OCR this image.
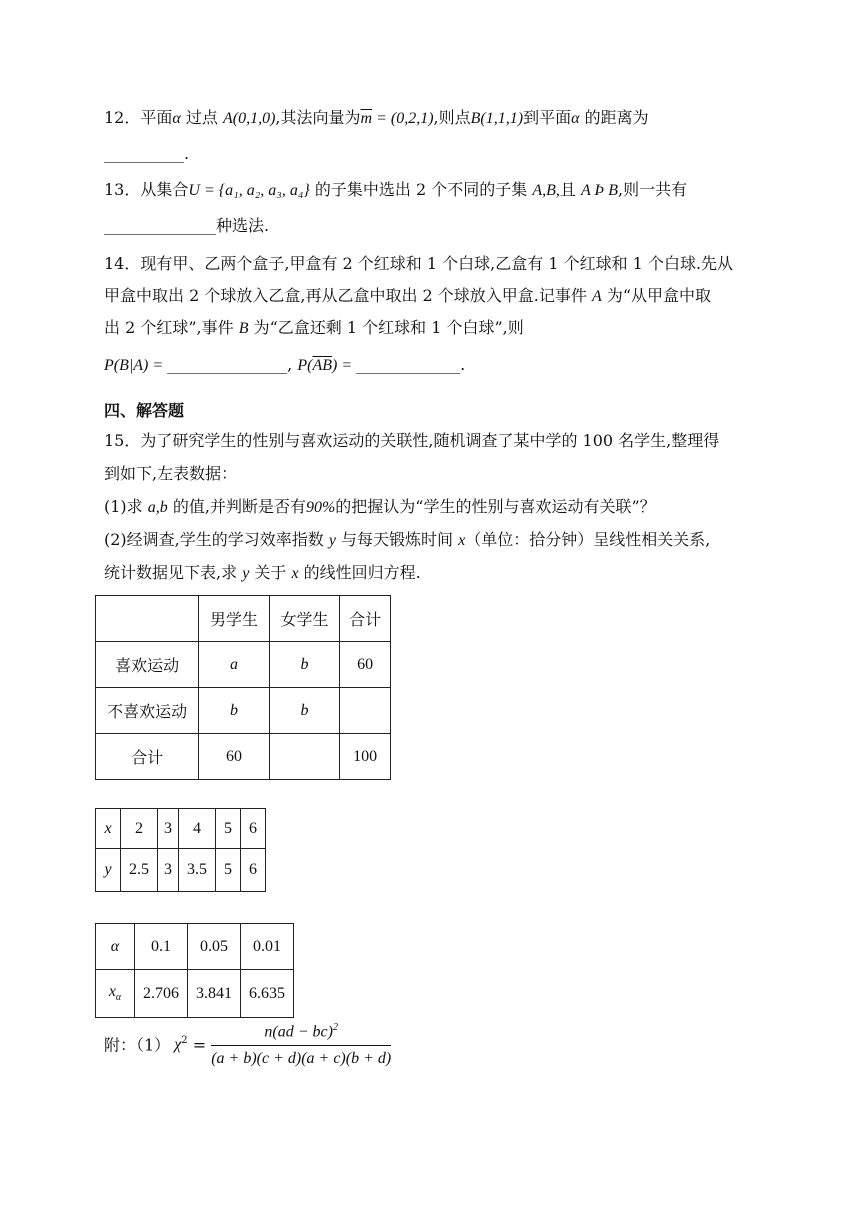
12．平面α 过点 A(0,1,0),其法向量为$\overline{m} = (0,2,1)$,则点B(1,1,1)到平面α 的距离为
__________.
13．从集合U = {a₁, a₂, a₃, a₄} 的子集中选出 2 个不同的子集 A,B,且 A Þ B,则一共有
______________种选法.
14．现有甲、乙两个盒子,甲盒有 2 个红球和 1 个白球,乙盒有 1 个红球和 1 个白球.先从
甲盒中取出 2 个球放入乙盒,再从乙盒中取出 2 个球放入甲盒.记事件 A 为“从甲盒中取
出 2 个红球”,事件 B 为“乙盒还剩 1 个红球和 1 个白球”,则
P(B|A) = _______________, $P(\overline{AB})$ = _____________.
四、解答题
15．为了研究学生的性别与喜欢运动的关联性,随机调查了某中学的 100 名学生,整理得
到如下,左表数据：
(1)求 a,b 的值,并判断是否有90%的把握认为“学生的性别与喜欢运动有关联”？
(2)经调查,学生的学习效率指数 y 与每天锻炼时间 x（单位：拾分钟）呈线性相关关系,
统计数据见下表,求 y 关于 x 的线性回归方程.
	男学生	女学生	合计
喜欢运动	a	b	60
不喜欢运动	b	b	
合计	60		100
x	2	3	4	5	6
y	2.5	3	3.5	5	6
α	0.1	0.05	0.01
$x_\alpha$	2.706	3.841	6.635
附：（1） $\chi^2 = \frac{n(ad - bc)^2}{(a + b)(c + d)(a + c)(b + d)}$
